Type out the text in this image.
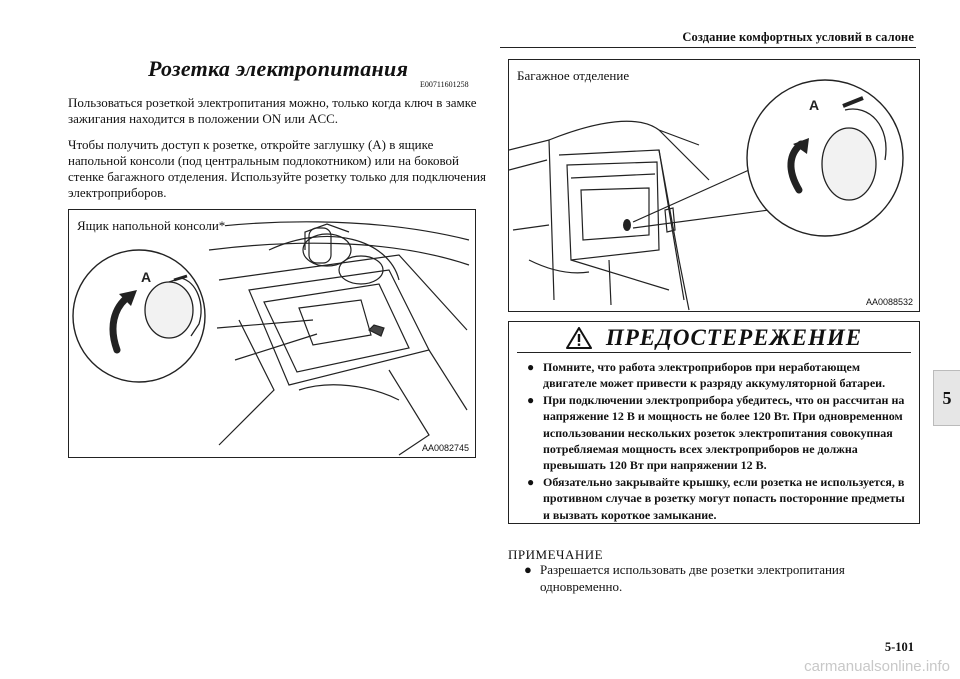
Создание комфортных условий в салоне
5
Розетка электропитания
E00711601258

Пользоваться розеткой электропитания можно, только когда ключ в замке зажигания находится в положении ON или ACC.

Чтобы получить доступ к розетке, откройте заглушку (A) в ящике напольной консоли (под центральным подлокотником) или на боковой стенке багажного отделения. Используйте розетку только для подключения электроприборов.

A
Ящик напольной консоли*
AA0082745
A
Багажное отделение
AA0088532
ПРЕДОСТЕРЕЖЕНИЕ
● Помните, что работа электроприборов при неработающем двигателе может привести к разряду аккумуляторной батареи.
● При подключении электроприбора убедитесь, что он рассчитан на напряжение 12 В и мощность не более 120 Вт. При одновременном использовании нескольких розеток электропитания совокупная потребляемая мощность всех электроприборов не должна превышать 120 Вт при напряжении 12 В.
● Обязательно закрывайте крышку, если розетка не используется, в противном случае в розетку могут попасть посторонние предметы и вызвать короткое замыкание.
ПРИМЕЧАНИЕ
● Разрешается использовать две розетки электропитания одновременно.
5-101
carmanualsonline.info
